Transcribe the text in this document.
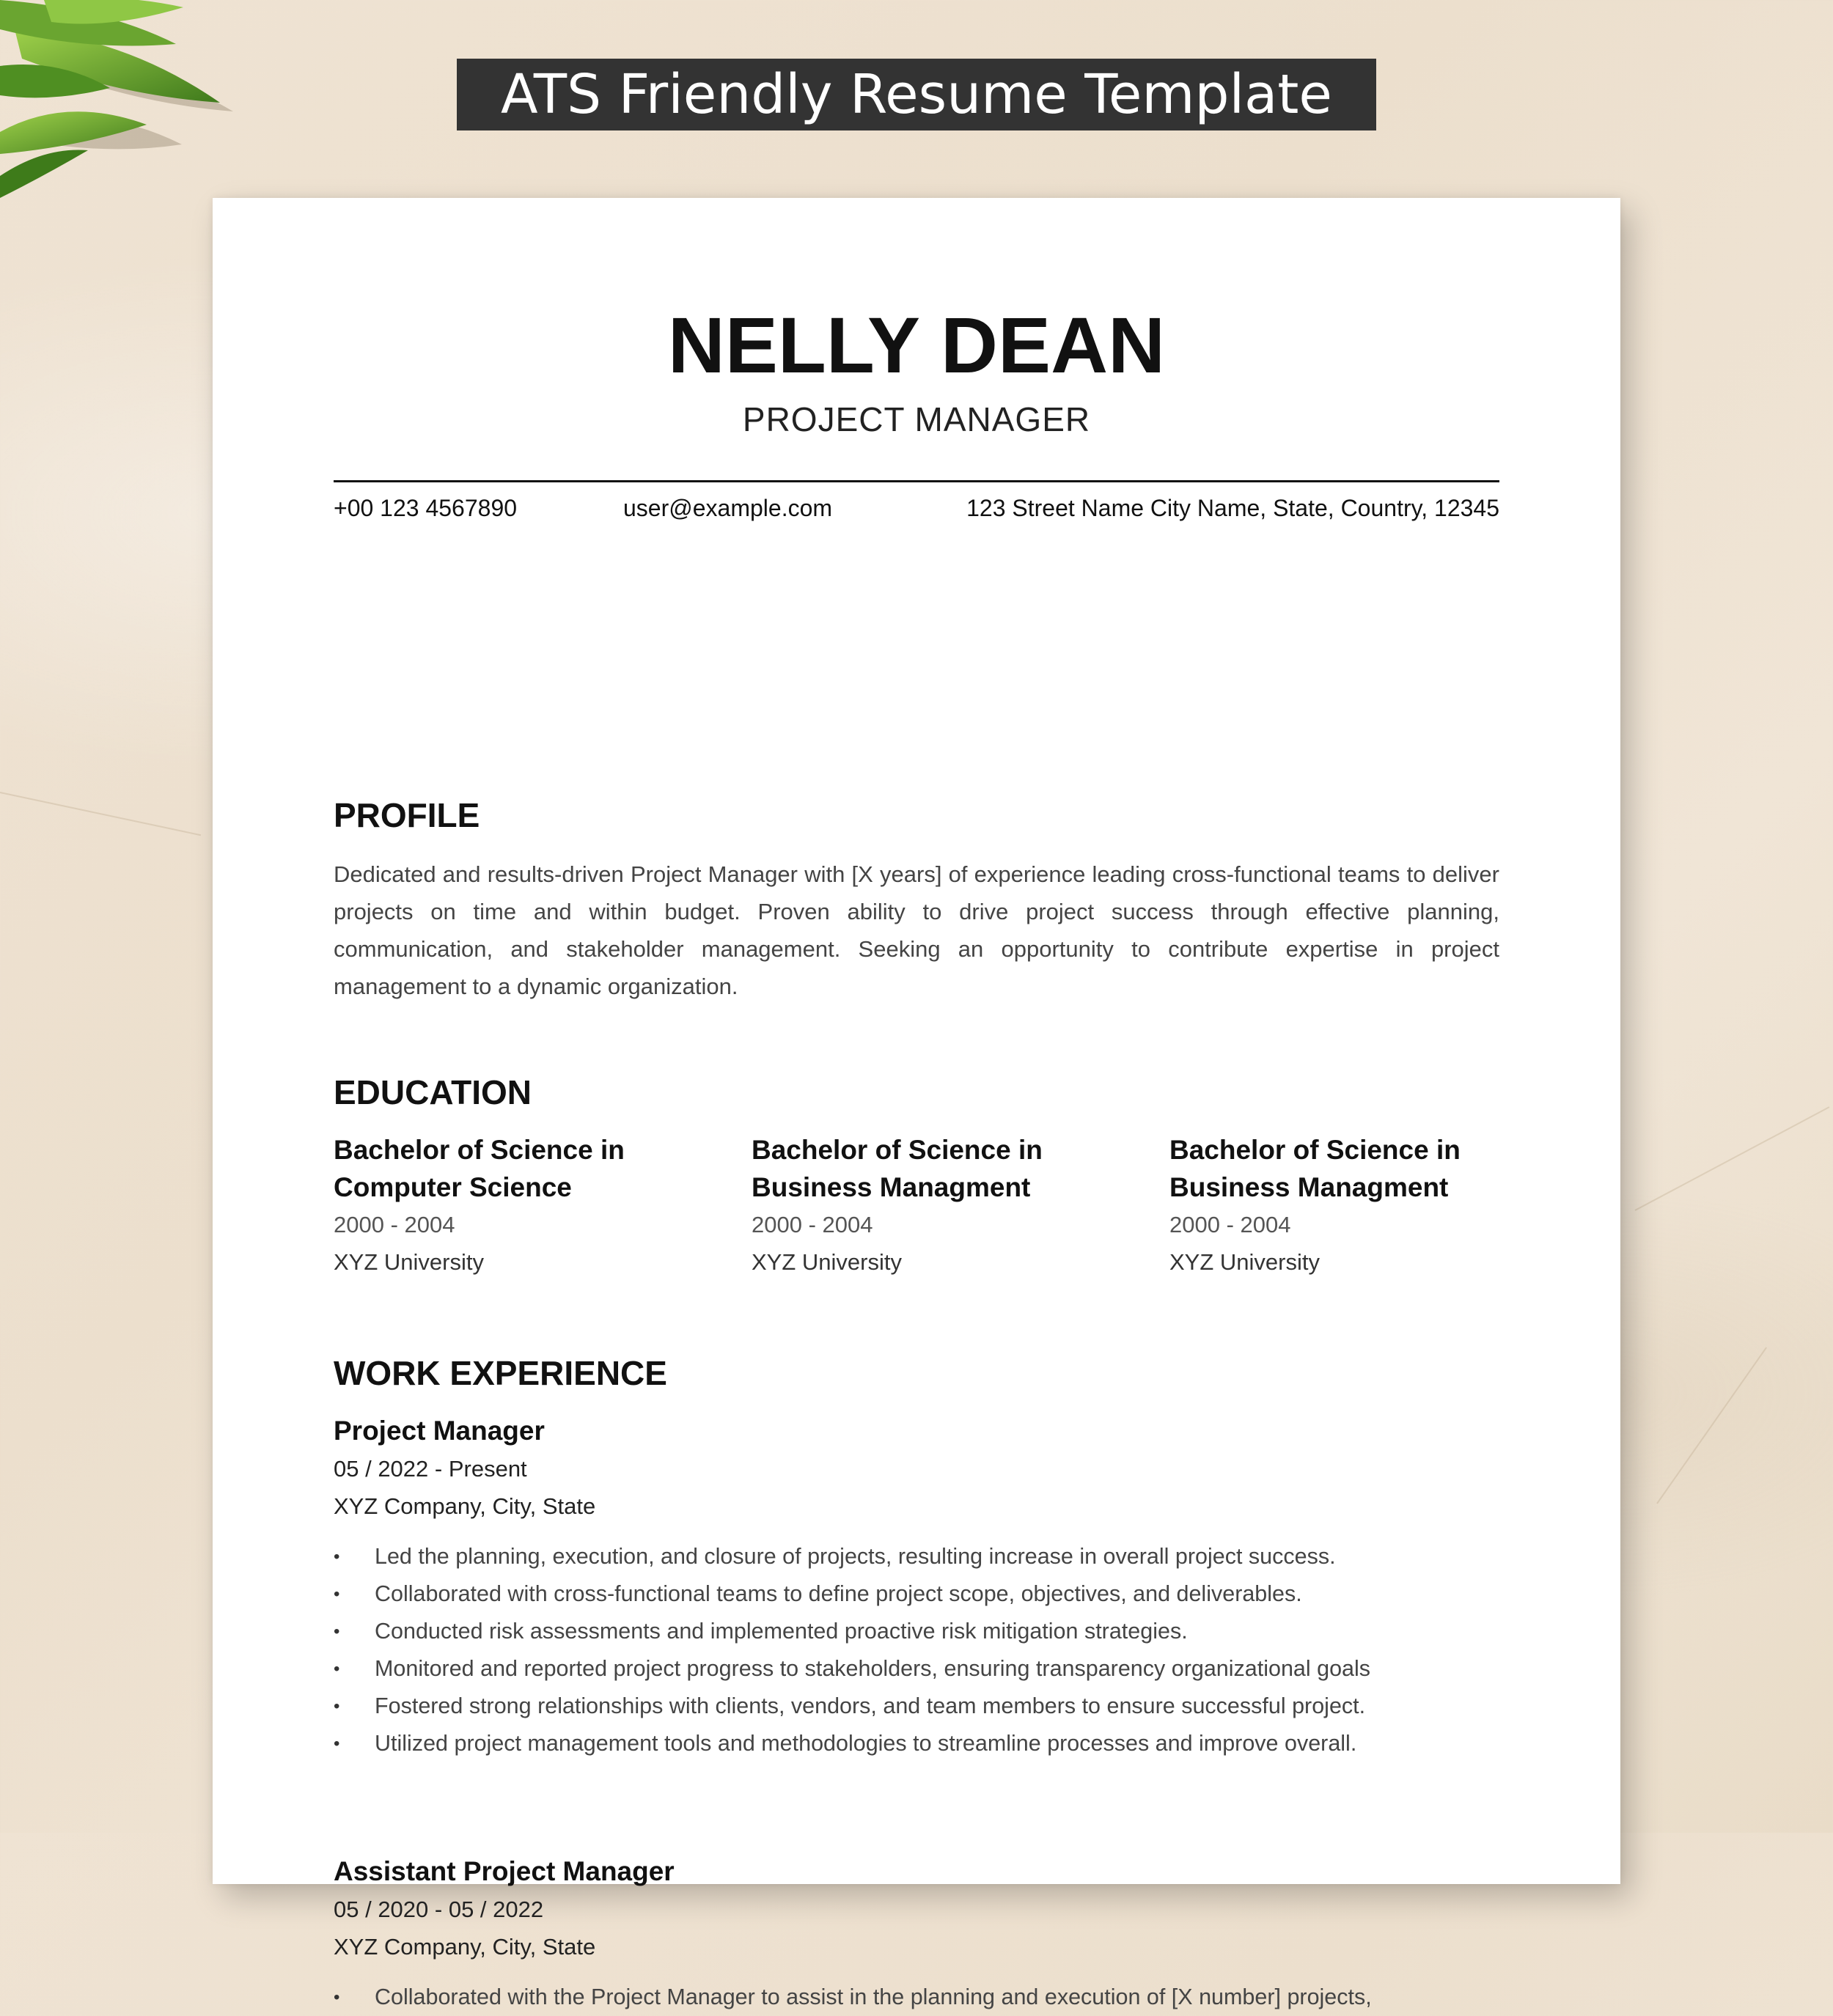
ATS Friendly Resume Template
NELLY DEAN
PROJECT MANAGER
+00 123 4567890	user@example.com	123 Street Name City Name, State, Country, 12345
PROFILE
Dedicated and results-driven Project Manager with [X years] of experience leading cross-functional teams to deliver projects on time and within budget. Proven ability to drive project success through effective planning, communication, and stakeholder management. Seeking an opportunity to contribute expertise in project management to a dynamic organization.
EDUCATION
Bachelor of Science in Computer Science
2000 - 2004
XYZ University
Bachelor of Science in Business Managment
2000 - 2004
XYZ University
Bachelor of Science in Business Managment
2000 - 2004
XYZ University
WORK EXPERIENCE
Project Manager
05 / 2022 - Present
XYZ Company, City, State
•	Led the planning, execution, and closure of projects, resulting increase in overall project success.
•	Collaborated with cross-functional teams to define project scope, objectives, and deliverables.
•	Conducted risk assessments and implemented proactive risk mitigation strategies.
•	Monitored and reported project progress to stakeholders, ensuring transparency organizational goals
•	Fostered strong relationships with clients, vendors, and team members to ensure successful project.
•	Utilized project management tools and methodologies to streamline processes and improve overall.
Assistant Project Manager
05 / 2020 - 05 / 2022
XYZ Company, City, State
•	Collaborated with the Project Manager to assist in the planning and execution of [X number] projects,
